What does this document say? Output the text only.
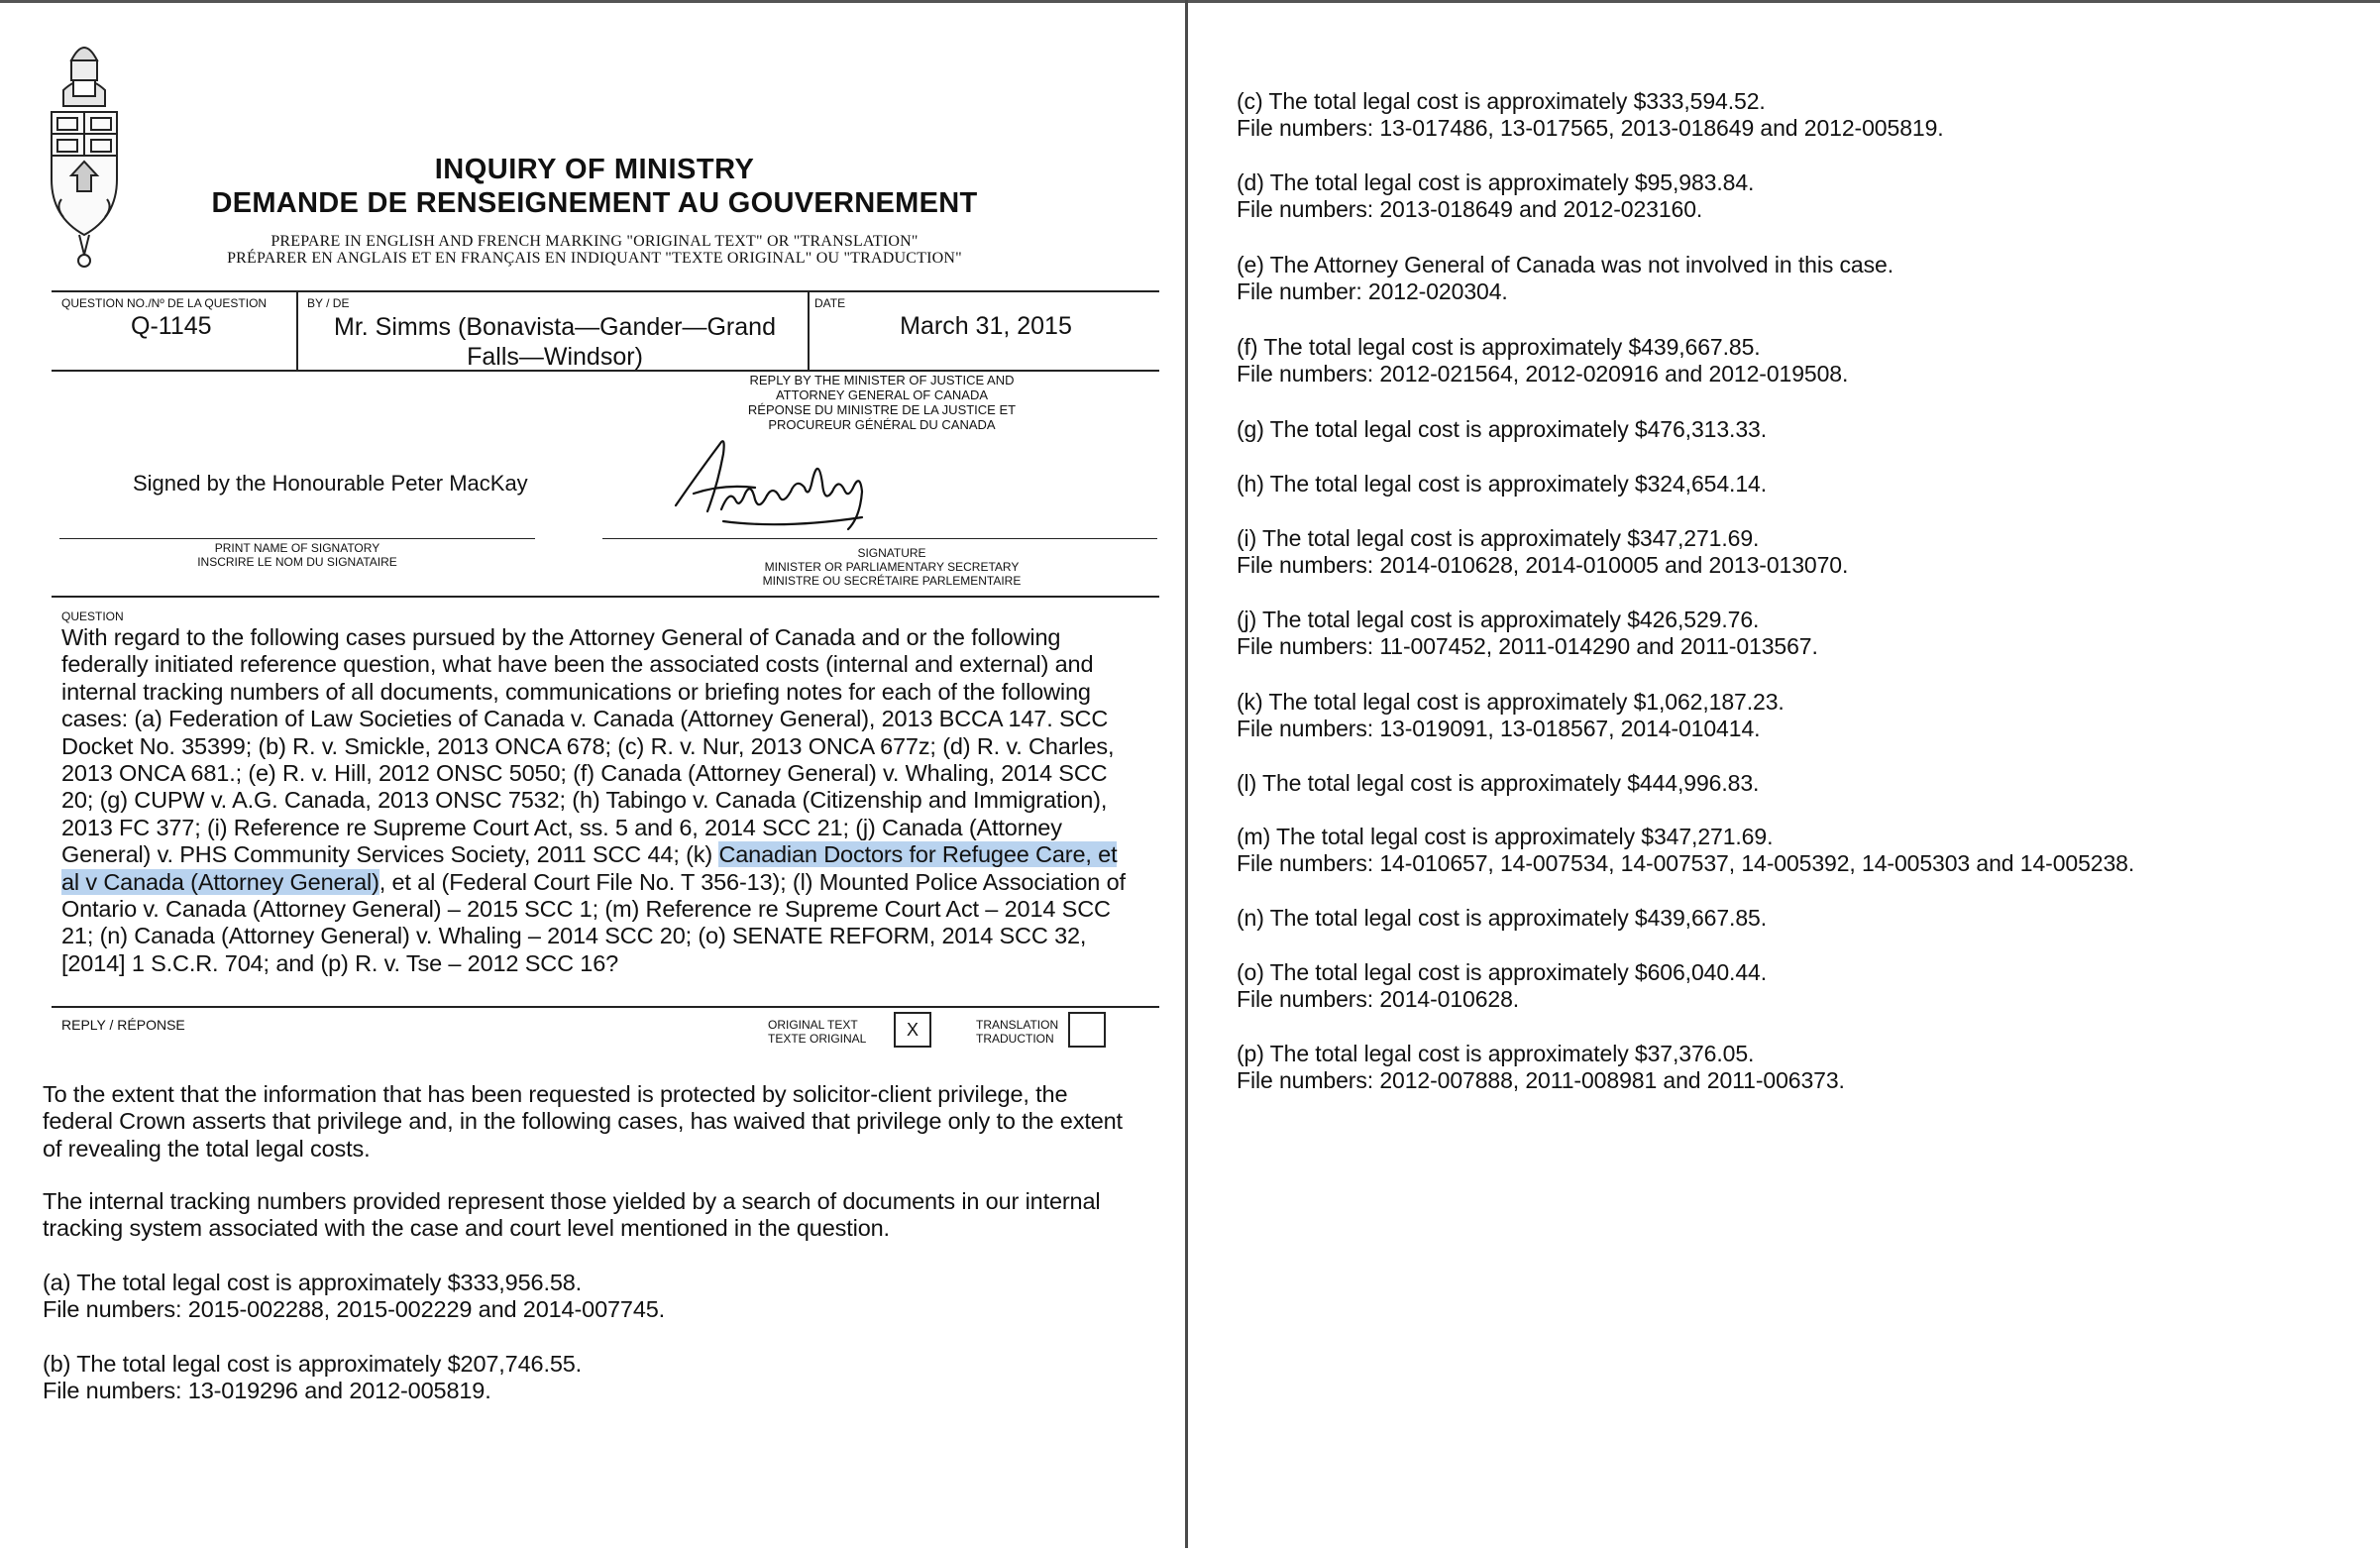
INQUIRY OF MINISTRY
DEMANDE DE RENSEIGNEMENT AU GOUVERNEMENT
PREPARE IN ENGLISH AND FRENCH MARKING "ORIGINAL TEXT" OR "TRANSLATION"
PRÉPARER EN ANGLAIS ET EN FRANÇAIS EN INDIQUANT "TEXTE ORIGINAL" OU "TRADUCTION"
QUESTION NO./Nº DE LA QUESTION
Q-1145
BY / DE
Mr. Simms (Bonavista—Gander—Grand
Falls—Windsor)
DATE
March 31, 2015
REPLY BY THE MINISTER OF JUSTICE AND
ATTORNEY GENERAL OF CANADA
RÉPONSE DU MINISTRE DE LA JUSTICE ET
PROCUREUR GÉNÉRAL DU CANADA
Signed by the Honourable Peter MacKay
PRINT NAME OF SIGNATORY
INSCRIRE LE NOM DU SIGNATAIRE
SIGNATURE
MINISTER OR PARLIAMENTARY SECRETARY
MINISTRE OU SECRÉTAIRE PARLEMENTAIRE
QUESTION
With regard to the following cases pursued by the Attorney General of Canada and or the following
federally initiated reference question, what have been the associated costs (internal and external) and
internal tracking numbers of all documents, communications or briefing notes for each of the following
cases: (a) Federation of Law Societies of Canada v. Canada (Attorney General), 2013 BCCA 147. SCC
Docket No. 35399; (b) R. v. Smickle, 2013 ONCA 678; (c) R. v. Nur, 2013 ONCA 677z; (d) R. v. Charles,
2013 ONCA 681.; (e) R. v. Hill, 2012 ONSC 5050; (f) Canada (Attorney General) v. Whaling, 2014 SCC
20; (g) CUPW v. A.G. Canada, 2013 ONSC 7532; (h) Tabingo v. Canada (Citizenship and Immigration),
2013 FC 377; (i) Reference re Supreme Court Act, ss. 5 and 6, 2014 SCC 21; (j) Canada (Attorney
General) v. PHS Community Services Society, 2011 SCC 44; (k) Canadian Doctors for Refugee Care, et
al v Canada (Attorney General), et al (Federal Court File No. T 356-13); (l) Mounted Police Association of
Ontario v. Canada (Attorney General) – 2015 SCC 1; (m) Reference re Supreme Court Act – 2014 SCC
21; (n) Canada (Attorney General) v. Whaling – 2014 SCC 20; (o) SENATE REFORM, 2014 SCC 32,
[2014] 1 S.C.R. 704; and (p) R. v. Tse – 2012 SCC 16?
REPLY / RÉPONSE	ORIGINAL TEXT
TEXTE ORIGINAL	X	TRANSLATION
TRADUCTION
To the extent that the information that has been requested is protected by solicitor-client privilege, the
federal Crown asserts that privilege and, in the following cases, has waived that privilege only to the extent
of revealing the total legal costs.
The internal tracking numbers provided represent those yielded by a search of documents in our internal
tracking system associated with the case and court level mentioned in the question.
(a) The total legal cost is approximately $333,956.58.
File numbers: 2015-002288, 2015-002229 and 2014-007745.
(b) The total legal cost is approximately $207,746.55.
File numbers: 13-019296 and 2012-005819.

(c) The total legal cost is approximately $333,594.52.

File numbers: 13-017486, 13-017565, 2013-018649 and 2012-005819.

(d) The total legal cost is approximately $95,983.84.

File numbers: 2013-018649 and 2012-023160.

(e) The Attorney General of Canada was not involved in this case.

File number: 2012-020304.

(f) The total legal cost is approximately $439,667.85.

File numbers: 2012-021564, 2012-020916 and 2012-019508.

(g) The total legal cost is approximately $476,313.33.

(h) The total legal cost is approximately $324,654.14.

(i) The total legal cost is approximately $347,271.69.

File numbers: 2014-010628, 2014-010005 and 2013-013070.

(j) The total legal cost is approximately $426,529.76.

File numbers: 11-007452, 2011-014290 and 2011-013567.

(k) The total legal cost is approximately $1,062,187.23.

File numbers: 13-019091, 13-018567, 2014-010414.

(l) The total legal cost is approximately $444,996.83.

(m) The total legal cost is approximately $347,271.69.

File numbers: 14-010657, 14-007534, 14-007537, 14-005392, 14-005303 and 14-005238.

(n) The total legal cost is approximately $439,667.85.

(o) The total legal cost is approximately $606,040.44.

File numbers: 2014-010628.

(p) The total legal cost is approximately $37,376.05.

File numbers: 2012-007888, 2011-008981 and 2011-006373.
